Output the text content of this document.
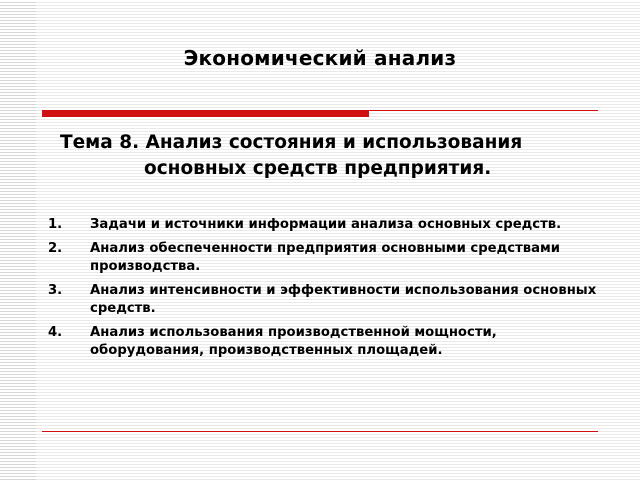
Экономический анализ
Тема 8. Анализ состояния и использования
основных средств предприятия.
1. Задачи и источники информации анализа основных средств.
2. Анализ обеспеченности предприятия основными средствами производства.
3. Анализ интенсивности и эффективности использования основных средств.
4. Анализ использования производственной мощности, оборудования, производственных площадей.
